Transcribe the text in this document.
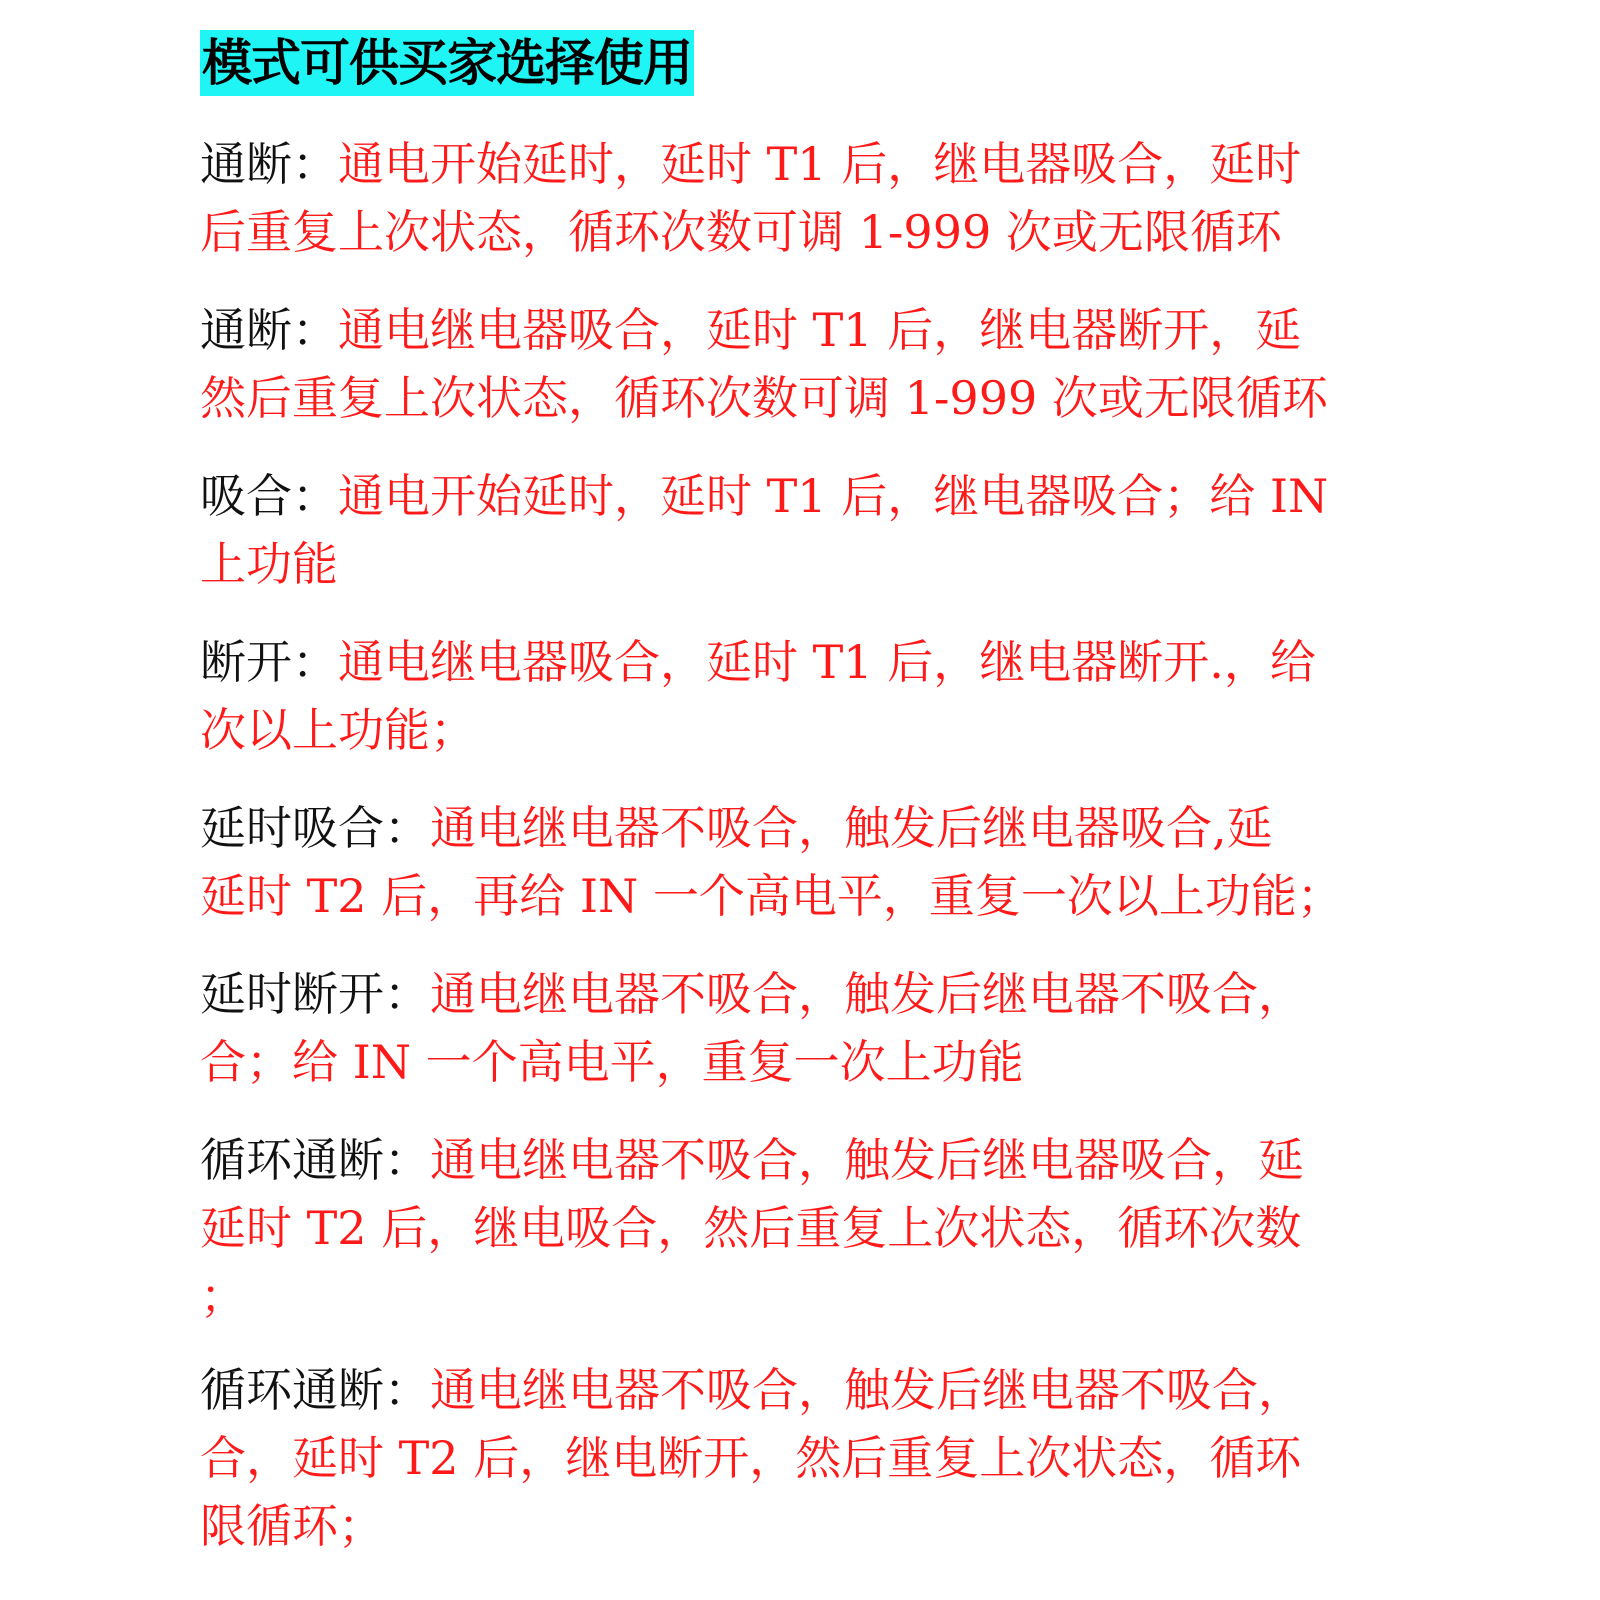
模式可供买家选择使用
通断：通电开始延时，延时 T1 后，继电器吸合，延时
后重复上次状态，循环次数可调 1-999 次或无限循环
通断：通电继电器吸合，延时 T1 后，继电器断开，延
然后重复上次状态，循环次数可调 1-999 次或无限循环
吸合：通电开始延时，延时 T1 后，继电器吸合；给 IN
上功能
断开：通电继电器吸合，延时 T1 后，继电器断开.，给
次以上功能；
延时吸合：通电继电器不吸合，触发后继电器吸合,延
延时 T2 后，再给 IN 一个高电平，重复一次以上功能；
延时断开：通电继电器不吸合，触发后继电器不吸合，
合；给 IN 一个高电平，重复一次上功能
循环通断：通电继电器不吸合，触发后继电器吸合，延
延时 T2 后，继电吸合，然后重复上次状态，循环次数
；
循环通断：通电继电器不吸合，触发后继电器不吸合，
合，延时 T2 后，继电断开，然后重复上次状态，循环
限循环；
